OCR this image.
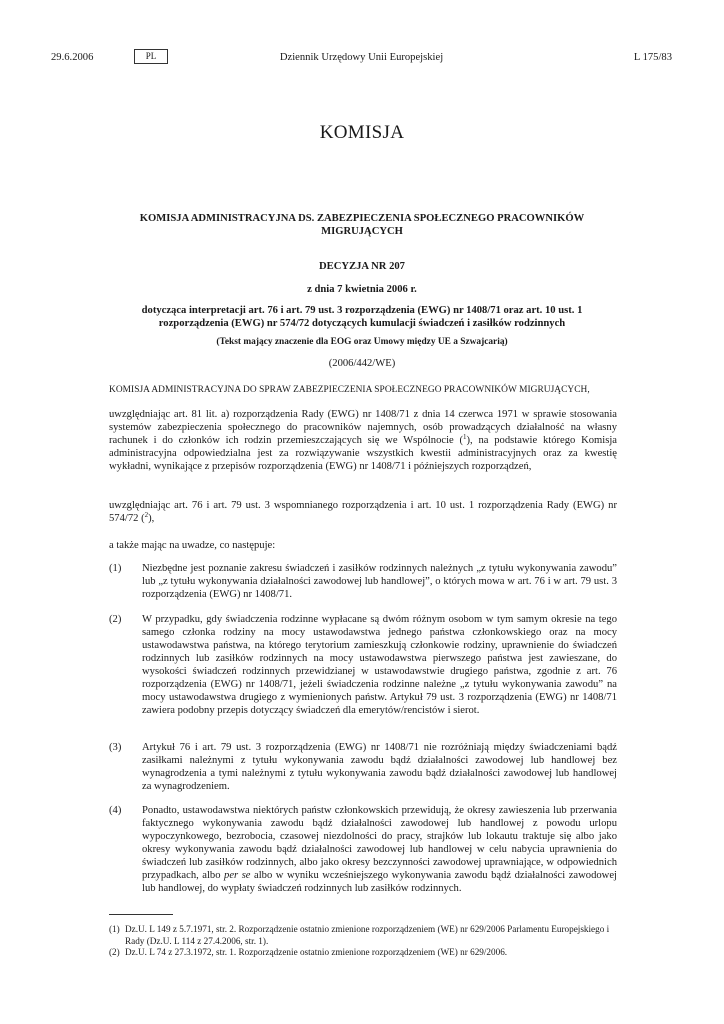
29.6.2006	PL	Dziennik Urzędowy Unii Europejskiej	L 175/83
KOMISJA
KOMISJA ADMINISTRACYJNA DS. ZABEZPIECZENIA SPOŁECZNEGO PRACOWNIKÓW
MIGRUJĄCYCH
DECYZJA NR 207
z dnia 7 kwietnia 2006 r.
dotycząca interpretacji art. 76 i art. 79 ust. 3 rozporządzenia (EWG) nr 1408/71 oraz art. 10 ust. 1
rozporządzenia (EWG) nr 574/72 dotyczących kumulacji świadczeń i zasiłków rodzinnych
(Tekst mający znaczenie dla EOG oraz Umowy między UE a Szwajcarią)
(2006/442/WE)
KOMISJA ADMINISTRACYJNA DO SPRAW ZABEZPIECZENIA SPOŁECZNEGO PRACOWNIKÓW MIGRUJĄCYCH,
uwzględniając art. 81 lit. a) rozporządzenia Rady (EWG) nr 1408/71 z dnia 14 czerwca 1971 w sprawie stosowania systemów zabezpieczenia społecznego do pracowników najemnych, osób prowadzących działalność na własny rachunek i do członków ich rodzin przemieszczających się we Wspólnocie ($^1$), na podstawie którego Komisja administracyjna odpowiedzialna jest za rozwiązywanie wszystkich kwestii administracyjnych oraz za kwestię wykładni, wynikające z przepisów rozporządzenia (EWG) nr 1408/71 i późniejszych rozporządzeń,
uwzględniając art. 76 i art. 79 ust. 3 wspomnianego rozporządzenia i art. 10 ust. 1 rozporządzenia Rady (EWG) nr 574/72 ($^2$),
a także mając na uwadze, co następuje:
(1)	Niezbędne jest poznanie zakresu świadczeń i zasiłków rodzinnych należnych „z tytułu wykonywania zawodu” lub „z tytułu wykonywania działalności zawodowej lub handlowej”, o których mowa w art. 76 i w art. 79 ust. 3 rozporządzenia (EWG) nr 1408/71.
(2)	W przypadku, gdy świadczenia rodzinne wypłacane są dwóm różnym osobom w tym samym okresie na tego samego członka rodziny na mocy ustawodawstwa jednego państwa członkowskiego oraz na mocy ustawodawstwa państwa, na którego terytorium zamieszkują członkowie rodziny, uprawnienie do świadczeń rodzinnych lub zasiłków rodzinnych na mocy ustawodawstwa pierwszego państwa jest zawieszane, do wysokości świadczeń rodzinnych przewidzianej w ustawodawstwie drugiego państwa, zgodnie z art. 76 rozporządzenia (EWG) nr 1408/71, jeżeli świadczenia rodzinne należne „z tytułu wykonywania zawodu” na mocy ustawodawstwa drugiego z wymienionych państw. Artykuł 79 ust. 3 rozporządzenia (EWG) nr 1408/71 zawiera podobny przepis dotyczący świadczeń dla emerytów/rencistów i sierot.
(3)	Artykuł 76 i art. 79 ust. 3 rozporządzenia (EWG) nr 1408/71 nie rozróżniają między świadczeniami bądź zasiłkami należnymi z tytułu wykonywania zawodu bądź działalności zawodowej lub handlowej bez wynagrodzenia a tymi należnymi z tytułu wykonywania zawodu bądź działalności zawodowej lub handlowej za wynagrodzeniem.
(4)	Ponadto, ustawodawstwa niektórych państw członkowskich przewidują, że okresy zawieszenia lub przerwania faktycznego wykonywania zawodu bądź działalności zawodowej lub handlowej z powodu urlopu wypoczynkowego, bezrobocia, czasowej niezdolności do pracy, strajków lub lokautu traktuje się albo jako okresy wykonywania zawodu bądź działalności zawodowej lub handlowej w celu nabycia uprawnienia do świadczeń lub zasiłków rodzinnych, albo jako okresy bezczynności zawodowej uprawniające, w odpowiednich przypadkach, albo per se albo w wyniku wcześniejszego wykonywania zawodu bądź działalności zawodowej lub handlowej, do wypłaty świadczeń rodzinnych lub zasiłków rodzinnych.
(1) Dz.U. L 149 z 5.7.1971, str. 2. Rozporządzenie ostatnio zmienione rozporządzeniem (WE) nr 629/2006 Parlamentu Europejskiego i Rady (Dz.U. L 114 z 27.4.2006, str. 1).
(2) Dz.U. L 74 z 27.3.1972, str. 1. Rozporządzenie ostatnio zmienione rozporządzeniem (WE) nr 629/2006.
